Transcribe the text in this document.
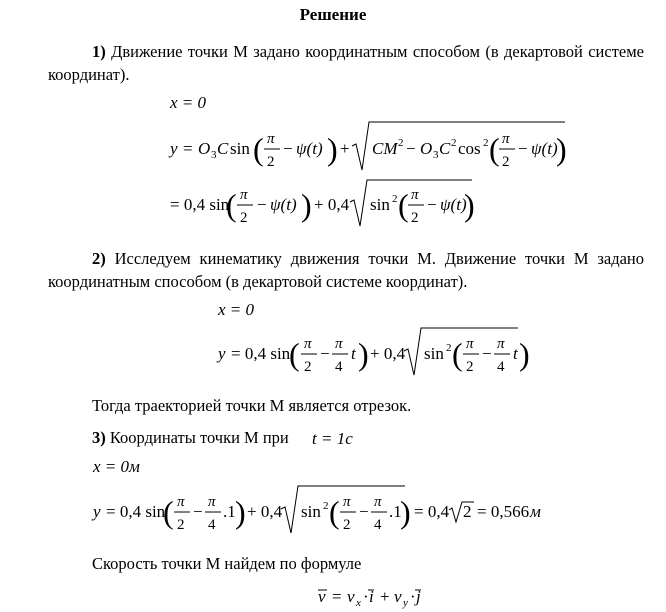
Решение
1) Движение точки М задано координатным способом (в декартовой системе координат).
x = 0
y = O 3 C sin ( π
2
− ψ(t) ) + CM 2 − O 3 C 2 cos 2 ( π
2
− ψ(t)
)
= 0,4 sin
( π
2
− ψ(t) ) + 0,4 sin 2 ( π
2
− ψ(t)
)
x = 0
y = 0,4 sin
( π
2
− π
4
t ) + 0,4 sin 2 ( π
2
− π
4
t )
t = 1c
x = 0м
y = 0,4 sin
( π
2
− π
4
.1 ) + 0,4 sin 2 ( π
2
− π
4
.1
) = 0,4 2 = 0,566 м
v = v x · i + v y · j
2) Исследуем кинематику движения точки М. Движение точки М задано координатным способом (в декартовой системе координат).
Тогда траекторией точки М является отрезок.
3) Координаты точки М при
Скорость точки М найдем по формуле
